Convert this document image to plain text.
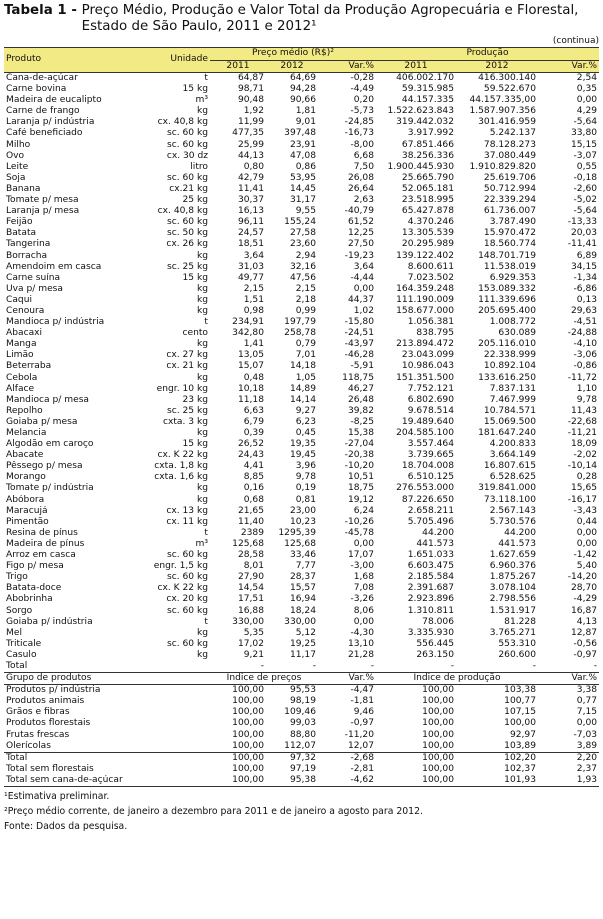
Tabela 1 - Preço Médio, Produção e Valor Total da Produção Agropecuária e Florestal, Estado de São Paulo, 2011 e 2012¹
(continua)
Produto	Unidade	Preço médio (R$)²			Produção		
		2011	2012	Var.%	2011	2012	Var.%
Cana-de-açúcar	t	64,87	64,69	-0,28	406.002.170	416.300.140	2,54
Carne bovina	15 kg	98,71	94,28	-4,49	59.315.985	59.522.670	0,35
Madeira de eucalipto	m³	90,48	90,66	0,20	44.157.335	44.157.335,00	0,00
Carne de frango	kg	1,92	1,81	-5,73	1.522.623.843	1.587.907.356	4,29
Laranja p/ indústria	cx. 40,8 kg	11,99	9,01	-24,85	319.442.032	301.416.959	-5,64
Café beneficiado	sc. 60 kg	477,35	397,48	-16,73	3.917.992	5.242.137	33,80
Milho	sc. 60 kg	25,99	23,91	-8,00	67.851.466	78.128.273	15,15
Ovo	cx. 30 dz	44,13	47,08	6,68	38.256.336	37.080.449	-3,07
Leite	litro	0,80	0,86	7,50	1.900.445.930	1.910.829.820	0,55
Soja	sc. 60 kg	42,79	53,95	26,08	25.665.790	25.619.706	-0,18
Banana	cx.21 kg	11,41	14,45	26,64	52.065.181	50.712.994	-2,60
Tomate p/ mesa	25 kg	30,37	31,17	2,63	23.518.995	22.339.294	-5,02
Laranja p/ mesa	cx. 40,8 kg	16,13	9,55	-40,79	65.427.878	61.736.007	-5,64
Feijão	sc. 60 kg	96,11	155,24	61,52	4.370.246	3.787.490	-13,33
Batata	sc. 50 kg	24,57	27,58	12,25	13.305.539	15.970.472	20,03
Tangerina	cx. 26 kg	18,51	23,60	27,50	20.295.989	18.560.774	-11,41
Borracha	kg	3,64	2,94	-19,23	139.122.402	148.701.719	6,89
Amendoim em casca	sc. 25 kg	31,03	32,16	3,64	8.600.611	11.538.019	34,15
Carne suína	15 kg	49,77	47,56	-4,44	7.023.502	6.929.353	-1,34
Uva p/ mesa	kg	2,15	2,15	0,00	164.359.248	153.089.332	-6,86
Caqui	kg	1,51	2,18	44,37	111.190.009	111.339.696	0,13
Cenoura	kg	0,98	0,99	1,02	158.677.000	205.695.400	29,63
Mandioca p/ indústria	t	234,91	197,79	-15,80	1.056.381	1.008.772	-4,51
Abacaxi	cento	342,80	258,78	-24,51	838.795	630.089	-24,88
Manga	kg	1,41	0,79	-43,97	213.894.472	205.116.010	-4,10
Limão	cx. 27 kg	13,05	7,01	-46,28	23.043.099	22.338.999	-3,06
Beterraba	cx. 21 kg	15,07	14,18	-5,91	10.986.043	10.892.104	-0,86
Cebola	kg	0,48	1,05	118,75	151.351.500	133.616.250	-11,72
Alface	engr. 10 kg	10,18	14,89	46,27	7.752.121	7.837.131	1,10
Mandioca p/ mesa	23 kg	11,18	14,14	26,48	6.802.690	7.467.999	9,78
Repolho	sc. 25 kg	6,63	9,27	39,82	9.678.514	10.784.571	11,43
Goiaba p/ mesa	cxta. 3 kg	6,79	6,23	-8,25	19.489.640	15.069.500	-22,68
Melancia	kg	0,39	0,45	15,38	204.585.100	181.647.240	-11,21
Algodão em caroço	15 kg	26,52	19,35	-27,04	3.557.464	4.200.833	18,09
Abacate	cx. K 22 kg	24,43	19,45	-20,38	3.739.665	3.664.149	-2,02
Pêssego p/ mesa	cxta. 1,8 kg	4,41	3,96	-10,20	18.704.008	16.807.615	-10,14
Morango	cxta. 1,6 kg	8,85	9,78	10,51	6.510.125	6.528.625	0,28
Tomate p/ indústria	kg	0,16	0,19	18,75	276.553.000	319.841.000	15,65
Abóbora	kg	0,68	0,81	19,12	87.226.650	73.118.100	-16,17
Maracujá	cx. 13 kg	21,65	23,00	6,24	2.658.211	2.567.143	-3,43
Pimentão	cx. 11 kg	11,40	10,23	-10,26	5.705.496	5.730.576	0,44
Resina de pínus	t	2389	1295,39	-45,78	44.200	44.200	0,00
Madeira de pínus	m³	125,68	125,68	0,00	441.573	441.573	0,00
Arroz em casca	sc. 60 kg	28,58	33,46	17,07	1.651.033	1.627.659	-1,42
Figo p/ mesa	engr. 1,5 kg	8,01	7,77	-3,00	6.603.475	6.960.376	5,40
Trigo	sc. 60 kg	27,90	28,37	1,68	2.185.584	1.875.267	-14,20
Batata-doce	cx. K 22 kg	14,54	15,57	7,08	2.391.687	3.078.104	28,70
Abobrinha	cx. 20 kg	17,51	16,94	-3,26	2.923.896	2.798.556	-4,29
Sorgo	sc. 60 kg	16,88	18,24	8,06	1.310.811	1.531.917	16,87
Goiaba p/ indústria	t	330,00	330,00	0,00	78.006	81.228	4,13
Mel	kg	5,35	5,12	-4,30	3.335.930	3.765.271	12,87
Triticale	sc. 60 kg	17,02	19,25	13,10	556.445	553.310	-0,56
Casulo	kg	9,21	11,17	21,28	263.150	260.600	-0,97
Total		-	-	-	-	-	-
Grupo de produtos		Índice de preços		Var.%	Índice de produção		Var.%
Produtos p/ indústria		100,00	95,53	-4,47	100,00	103,38	3,38
Produtos animais		100,00	98,19	-1,81	100,00	100,77	0,77
Grãos e fibras		100,00	109,46	9,46	100,00	107,15	7,15
Produtos florestais		100,00	99,03	-0,97	100,00	100,00	0,00
Frutas frescas		100,00	88,80	-11,20	100,00	92,97	-7,03
Olerícolas		100,00	112,07	12,07	100,00	103,89	3,89
Total		100,00	97,32	-2,68	100,00	102,20	2,20
Total sem florestais		100,00	97,19	-2,81	100,00	102,37	2,37
Total sem cana-de-açúcar		100,00	95,38	-4,62	100,00	101,93	1,93
¹Estimativa preliminar.
²Preço médio corrente, de janeiro a dezembro para 2011 e de janeiro a agosto para 2012.
Fonte: Dados da pesquisa.
